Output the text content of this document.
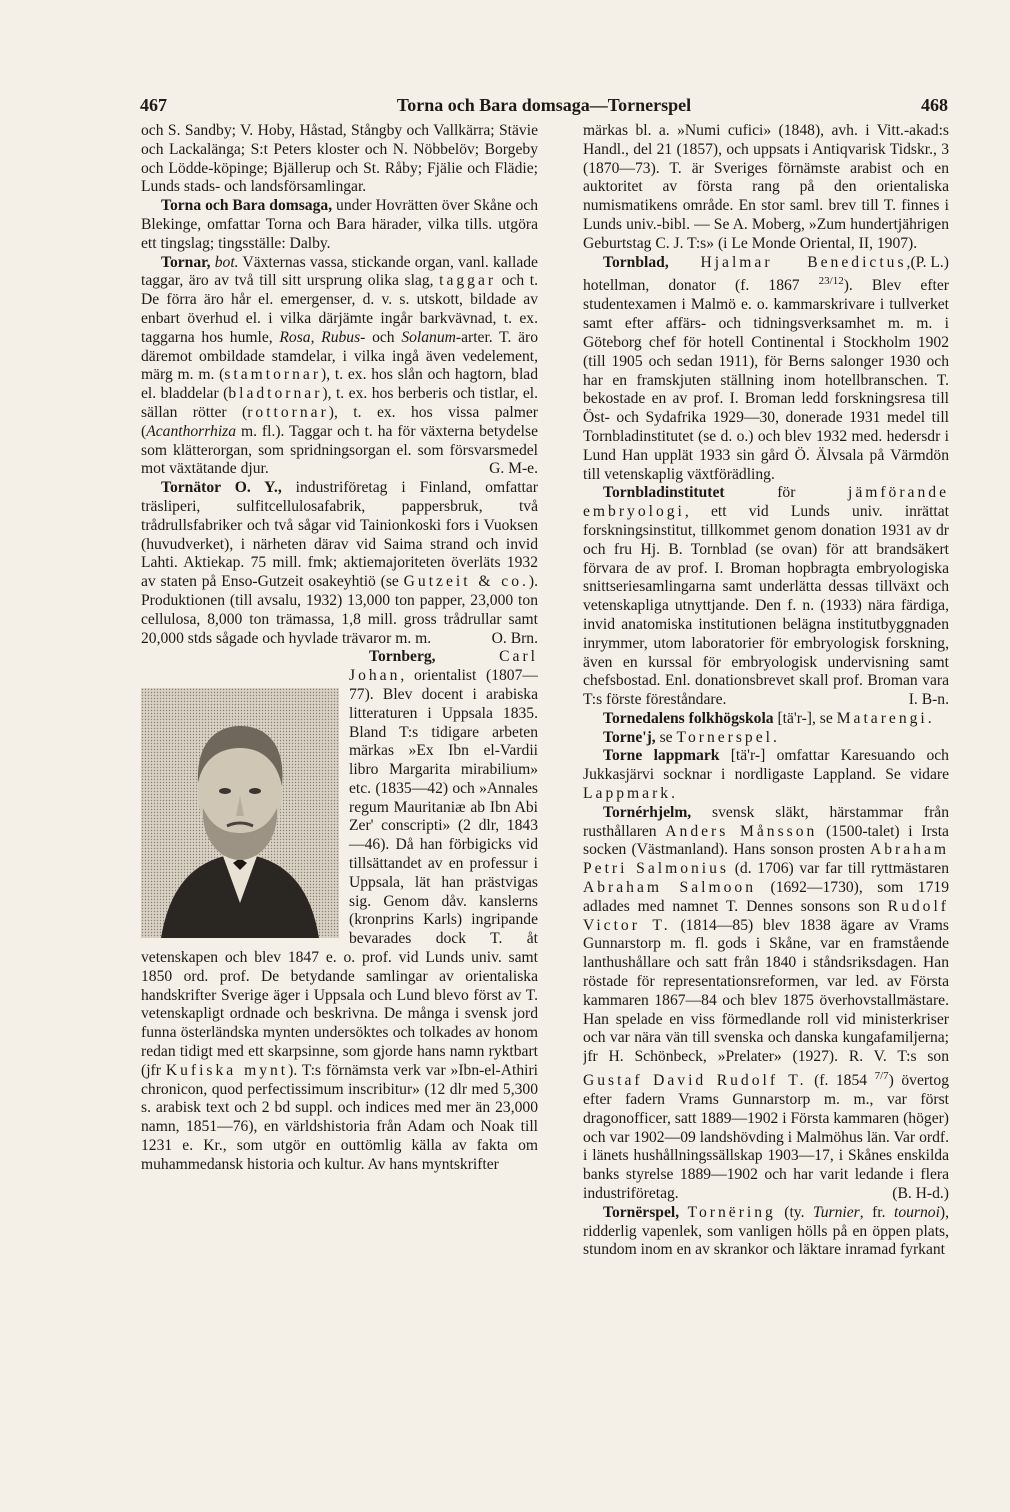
467	Torna och Bara domsaga—Tornerspel	468

och S. Sandby; V. Hoby, Håstad, Stångby och Vallkärra; Stävie och Lackalänga; S:t Peters kloster och N. Nöbbelöv; Borgeby och Lödde-köpinge; Bjällerup och St. Råby; Fjälie och Flädie; Lunds stads- och landsförsamlingar.

Torna och Bara domsaga, under Hovrätten över Skåne och Blekinge, omfattar Torna och Bara härader, vilka tills. utgöra ett tingslag; tingsställe: Dalby.

Tornar, bot. Växternas vassa, stickande organ, vanl. kallade taggar, äro av två till sitt ursprung olika slag, taggar och t. De förra äro hår el. emergenser, d. v. s. utskott, bildade av enbart överhud el. i vilka därjämte ingår barkvävnad, t. ex. taggarna hos humle, Rosa, Rubus- och Solanum-arter. T. äro däremot ombildade stamdelar, i vilka ingå även vedelement, märg m. m. (stamtornar), t. ex. hos slån och hagtorn, blad el. bladdelar (bladtornar), t. ex. hos berberis och tistlar, el. sällan rötter (rottornar), t. ex. hos vissa palmer (Acanthorrhiza m. fl.). Taggar och t. ha för växterna betydelse som klätterorgan, som spridningsorgan el. som försvarsmedel mot växtätande djur.	G. M-e.

Tornätor O. Y., industriföretag i Finland, omfattar träsliperi, sulfitcellulosafabrik, pappersbruk, två trådrullsfabriker och två sågar vid Tainionkoski fors i Vuoksen (huvudverket), i närheten därav vid Saima strand och invid Lahti. Aktiekap. 75 mill. fmk; aktiemajoriteten överläts 1932 av staten på Enso-Gutzeit osakeyhtiö (se Gutzeit & co.). Produktionen (till avsalu, 1932) 13,000 ton papper, 23,000 ton cellulosa, 8,000 ton trämassa, 1,8 mill. gross trådrullar samt 20,000 stds sågade och hyvlade trävaror m. m.	O. Brn.

Tornberg,	Carl Johan, orientalist (1807—77). Blev docent i arabiska litteraturen i Uppsala 1835. Bland T:s tidigare arbeten märkas »Ex Ibn el-Vardii libro Margarita mirabilium» etc. (1835—42) och »Annales regum Mauritaniæ ab Ibn Abi Zer' conscripti» (2 dlr, 1843—46). Då han förbigicks vid tillsättandet av en professur i Uppsala, lät han prästvigas sig. Genom dåv. kanslerns (kronprins Karls) ingripande bevarades dock T. åt vetenskapen och blev 1847 e. o. prof. vid Lunds univ. samt 1850 ord. prof. De betydande samlingar av orientaliska handskrifter Sverige äger i Uppsala och Lund blevo först av T. vetenskapligt ordnade och beskrivna. De många i svensk jord funna österländska mynten undersöktes och tolkades av honom redan tidigt med ett skarpsinne, som gjorde hans namn ryktbart (jfr Kufiska mynt). T:s förnämsta verk var »Ibn-el-Athiri chronicon, quod perfectissimum inscribitur» (12 dlr med 5,300 s. arabisk text och 2 bd suppl. och indices med mer än 23,000 namn, 1851—76), en världshistoria från Adam och Noak till 1231 e. Kr., som utgör en outtömlig källa av fakta om muhammedansk historia och kultur. Av hans myntskrifter

märkas bl. a. »Numi cufici» (1848), avh. i Vitt.-akad:s Handl., del 21 (1857), och uppsats i Antiqvarisk Tidskr., 3 (1870—73). T. är Sveriges förnämste arabist och en auktoritet av första rang på den orientaliska numismatikens område. En stor saml. brev till T. finnes i Lunds univ.-bibl. — Se A. Moberg, »Zum hundertjährigen Geburtstag C. J. T:s» (i Le Monde Oriental, II, 1907).
(P. L.)

Tornblad, Hjalmar Benedictus, hotellman, donator (f. 1867 $^{23/12}$). Blev efter studentexamen i Malmö e. o. kammarskrivare i tullverket samt efter affärs- och tidningsverksamhet m. m. i Göteborg chef för hotell Continental i Stockholm 1902 (till 1905 och sedan 1911), för Berns salonger 1930 och har en framskjuten ställning inom hotellbranschen. T. bekostade en av prof. I. Broman ledd forskningsresa till Öst- och Sydafrika 1929—30, donerade 1931 medel till Tornbladinstitutet (se d. o.) och blev 1932 med. hedersdr i Lund Han upplät 1933 sin gård Ö. Älvsala på Värmdön till vetenskaplig växtförädling.

Tornbladinstitutet för jämförande embryologi, ett vid Lunds univ. inrättat forskningsinstitut, tillkommet genom donation 1931 av dr och fru Hj. B. Tornblad (se ovan) för att brandsäkert förvara de av prof. I. Broman hopbragta embryologiska snittseriesamlingarna samt underlätta dessas tillväxt och vetenskapliga utnyttjande. Den f. n. (1933) nära färdiga, invid anatomiska institutionen belägna institutbyggnaden inrymmer, utom laboratorier för embryologisk forskning, även en kurssal för embryologisk undervisning samt chefsbostad. Enl. donationsbrevet skall prof. Broman vara T:s förste föreståndare.	I. B-n.

Tornedalens folkhögskola [tä'r-], se Matarengi.

Torne'j, se Tornerspel.

Torne lappmark [tä'r-] omfattar Karesuando och Jukkasjärvi socknar i nordligaste Lappland. Se vidare Lappmark.

Tornérhjelm, svensk släkt, härstammar från rusthållaren Anders Månsson (1500-talet) i Irsta socken (Västmanland). Hans sonson prosten Abraham Petri Salmonius (d. 1706) var far till ryttmästaren Abraham Salmoon (1692—1730), som 1719 adlades med namnet T. Dennes sonsons son Rudolf Victor T. (1814—85) blev 1838 ägare av Vrams Gunnarstorp m. fl. gods i Skåne, var en framstående lanthushållare och satt från 1840 i ståndsriksdagen. Han röstade för representationsreformen, var led. av Första kammaren 1867—84 och blev 1875 överhovstallmästare. Han spelade en viss förmedlande roll vid ministerkriser och var nära vän till svenska och danska kungafamiljerna; jfr H. Schönbeck, »Prelater» (1927). R. V. T:s son Gustaf David Rudolf T. (f. 1854 $^{7/7}$) övertog efter fadern Vrams Gunnarstorp m. m., var först dragonofficer, satt 1889—1902 i Första kammaren (höger) och var 1902—09 landshövding i Malmöhus län. Var ordf. i länets hushållningssällskap 1903—17, i Skånes enskilda banks styrelse 1889—1902 och har varit ledande i flera industriföretag.	(B. H-d.)

Tornërspel, Tornëring (ty. Turnier, fr. tournoi), ridderlig vapenlek, som vanligen hölls på en öppen plats, stundom inom en av skrankor och läktare inramad fyrkant
